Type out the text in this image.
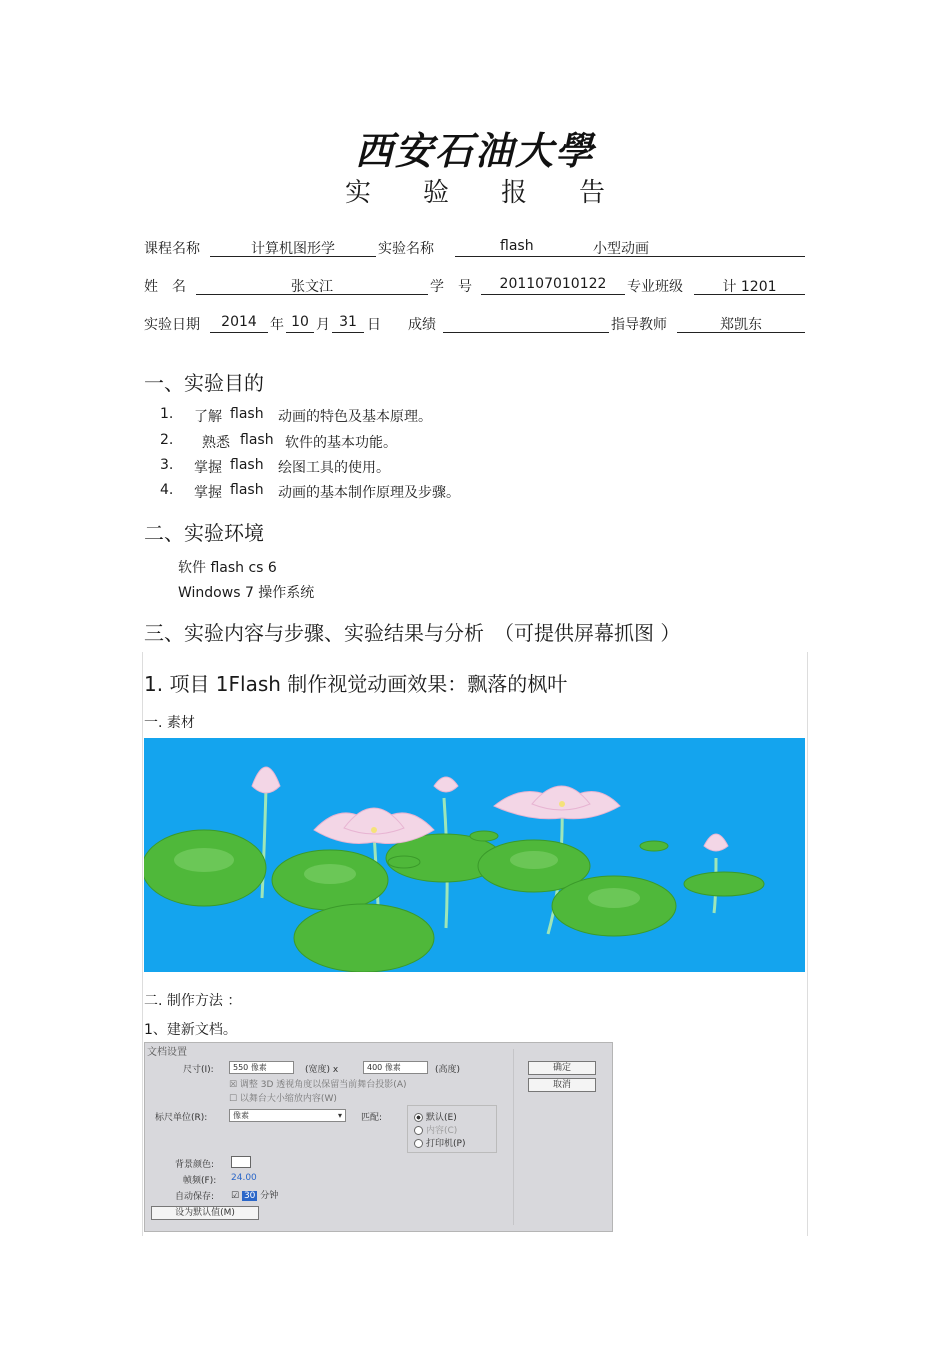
西安石油大學
实 验 报 告
课程名称	计算机图形学	实验名称	flash	小型动画
姓　名	张文江	学　号	201107010122	专业班级	计 1201
实验日期	2014 年 10 月 31 日 成绩	指导教师	郑凯东
一、实验目的
1. 了解 flash 动画的特色及基本原理。
2. 熟悉 flash 软件的基本功能。
3. 掌握 flash 绘图工具的使用。
4. 掌握 flash 动画的基本制作原理及步骤。
二、实验环境
软件 flash cs 6
Windows 7 操作系统
三、实验内容与步骤、实验结果与分析　（可提供屏幕抓图 ）
1. 项目 1Flash 制作视觉动画效果：飘落的枫叶
一. 素材
二. 制作方法 ：
1、建新文档。
文档设置
尺寸(I):	550 像素	(宽度) x	400 像素	(高度)
☒ 调整 3D 透视角度以保留当前舞台投影(A)
☐ 以舞台大小缩放内容(W)
标尺单位(R):	像素	▾ 匹配:	默认(E)
内容(C)
打印机(P)
背景颜色:
帧频(F): 24.00
自动保存: ☑ 30 分钟
设为默认值(M)
确定
取消
